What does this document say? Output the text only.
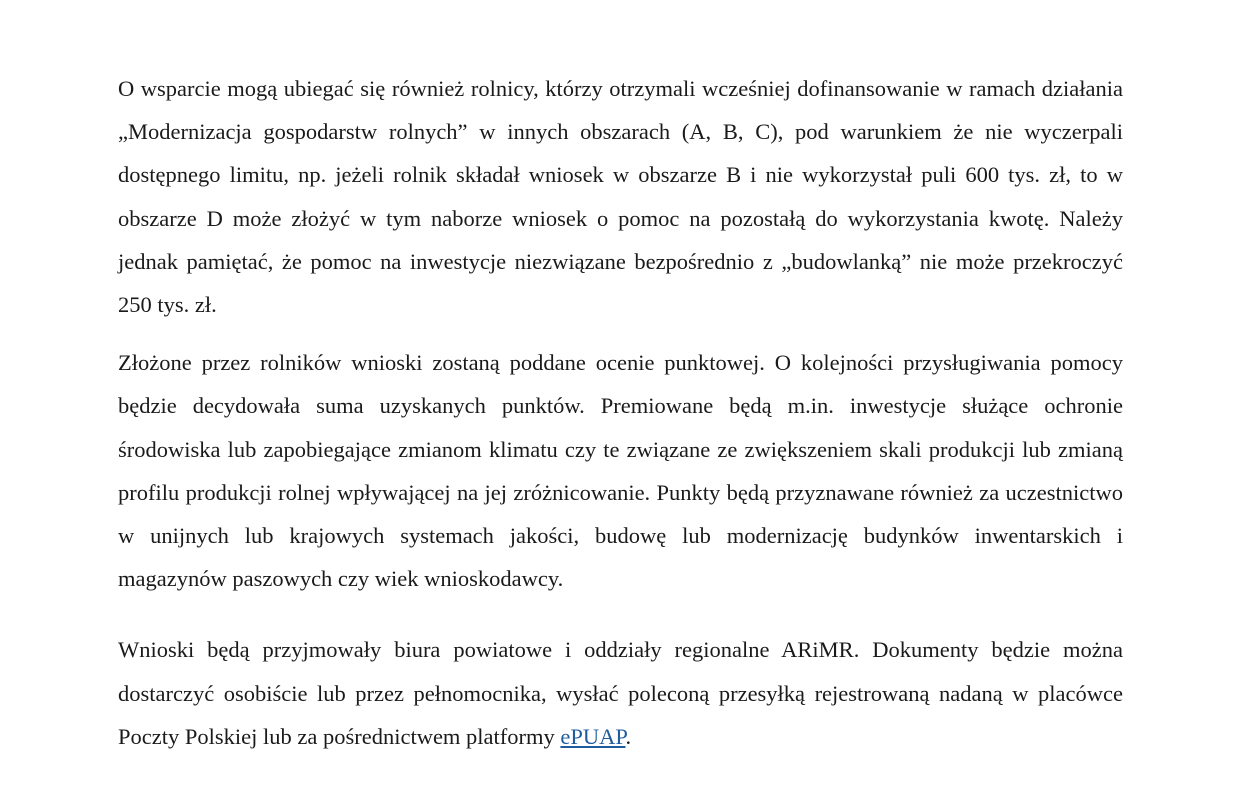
O wsparcie mogą ubiegać się również rolnicy, którzy otrzymali wcześniej dofinansowanie w ramach działania „Modernizacja gospodarstw rolnych” w innych obszarach (A, B, C), pod warunkiem że nie wyczerpali dostępnego limitu, np. jeżeli rolnik składał wniosek w obszarze B i nie wykorzystał puli 600 tys. zł, to w obszarze D może złożyć w tym naborze wniosek o pomoc na pozostałą do wykorzystania kwotę. Należy jednak pamiętać, że pomoc na inwestycje niezwiązane bezpośrednio z „budowlanką” nie może przekroczyć 250 tys. zł.

Złożone przez rolników wnioski zostaną poddane ocenie punktowej. O kolejności przysługiwania pomocy będzie decydowała suma uzyskanych punktów. Premiowane będą m.in. inwestycje służące ochronie środowiska lub zapobiegające zmianom klimatu czy te związane ze zwiększeniem skali produkcji lub zmianą profilu produkcji rolnej wpływającej na jej zróżnicowanie. Punkty będą przyznawane również za uczestnictwo w unijnych lub krajowych systemach jakości, budowę lub modernizację budynków inwentarskich i magazynów paszowych czy wiek wnioskodawcy.

Wnioski będą przyjmowały biura powiatowe i oddziały regionalne ARiMR. Dokumenty będzie można dostarczyć osobiście lub przez pełnomocnika, wysłać poleconą przesyłką rejestrowaną nadaną w placówce Poczty Polskiej lub za pośrednictwem platformy ePUAP.
